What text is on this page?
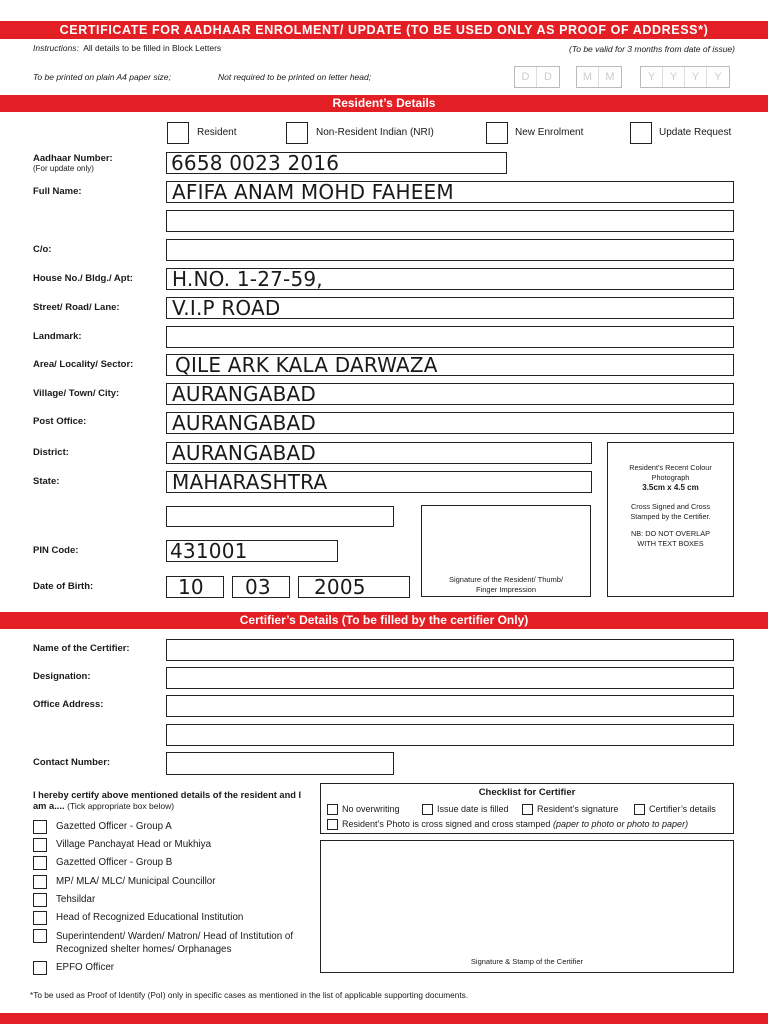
CERTIFICATE FOR AADHAAR ENROLMENT/ UPDATE (TO BE USED ONLY AS PROOF OF ADDRESS*)
Instructions: All details to be filled in Block Letters	(To be valid for 3 months from date of issue)
To be printed on plain A4 paper size;	Not required to be printed on letter head;	D D	M M	Y Y Y Y
Resident’s Details
Resident	Non-Resident Indian (NRI)	New Enrolment	Update Request
Aadhaar Number:
(For update only)	6658 0023 2016
Full Name:	AFIFA ANAM MOHD FAHEEM
C/o:
House No./ Bldg./ Apt: H.NO. 1-27-59,
Street/ Road/ Lane:	V.I.P ROAD
Landmark:
Area/ Locality/ Sector: QILE ARK KALA DARWAZA
Village/ Town/ City:	AURANGABAD
Post Office:	AURANGABAD
District:	AURANGABAD
State:	MAHARASHTRA
PIN Code:	431001
Date of Birth:	10 03 2005	Signature of the Resident/ Thumb/ Finger Impression
Resident’s Recent Colour Photograph
3.5cm x 4.5 cm
Cross Signed and Cross Stamped by the Certifier.
NB: DO NOT OVERLAP WITH TEXT BOXES
Certifier’s Details (To be filled by the certifier Only)
Name of the Certifier:
Designation:
Office Address:
Contact Number:
I hereby certify above mentioned details of the resident and I am a.... (Tick appropriate box below)
Gazetted Officer - Group A
Village Panchayat Head or Mukhiya
Gazetted Officer - Group B
MP/ MLA/ MLC/ Municipal Councillor
Tehsildar
Head of Recognized Educational Institution
Superintendent/ Warden/ Matron/ Head of Institution of Recognized shelter homes/ Orphanages
EPFO Officer
Checklist for Certifier
No overwriting	Issue date is filled	Resident’s signature	Certifier’s details
Resident’s Photo is cross signed and cross stamped (paper to photo or photo to paper)
Signature & Stamp of the Certifier
*To be used as Proof of Identify (PoI) only in specific cases as mentioned in the list of applicable supporting documents.
